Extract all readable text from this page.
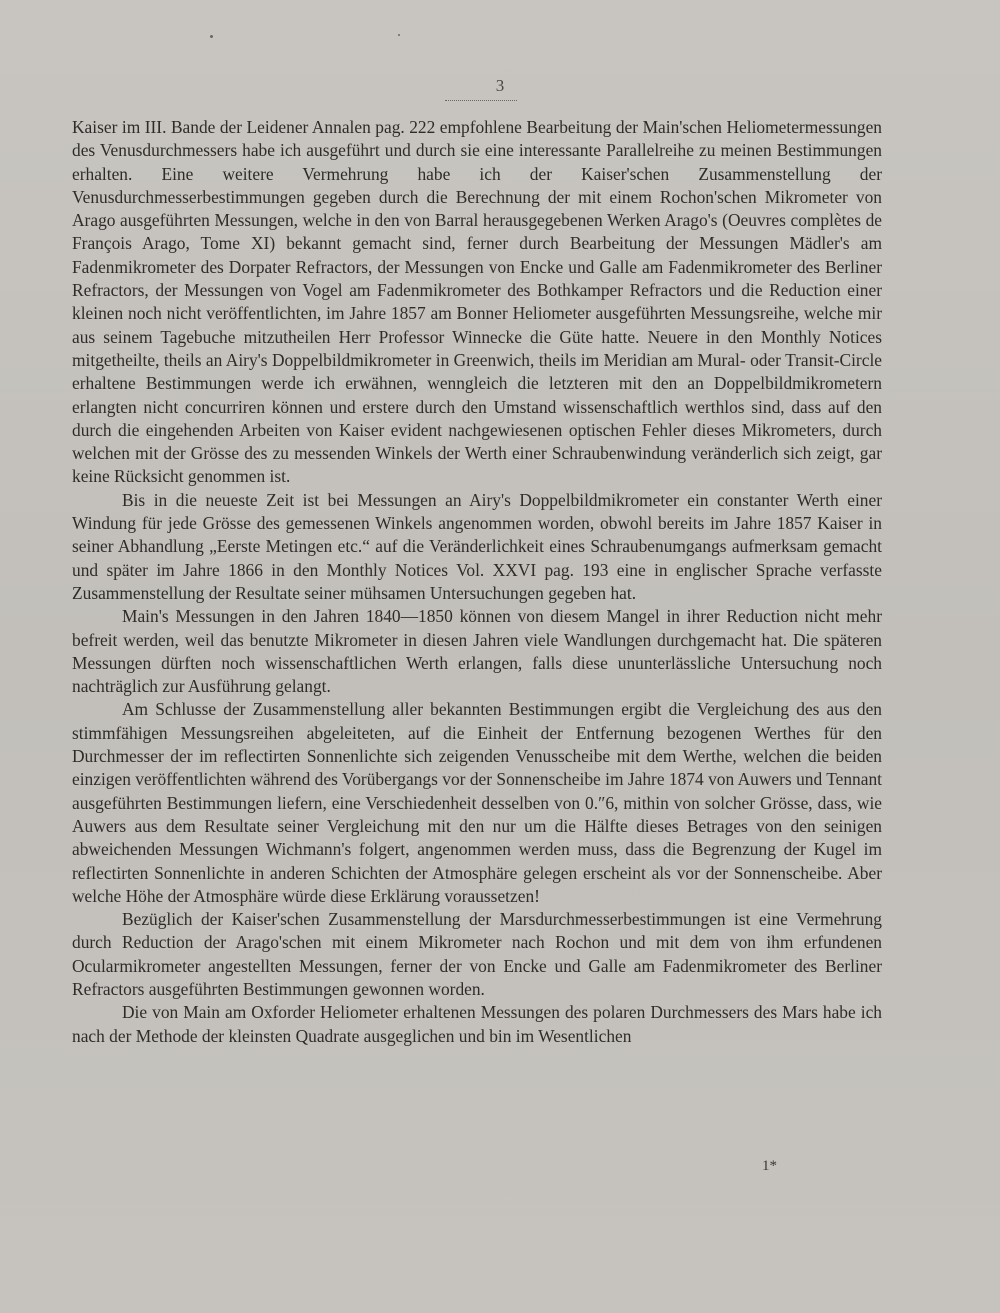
3

Kaiser im III. Bande der Leidener Annalen pag. 222 empfohlene Bearbeitung der Main'schen Heliometermessungen des Venusdurchmessers habe ich ausgeführt und durch sie eine interessante Parallelreihe zu meinen Bestimmungen erhalten. Eine weitere Vermehrung habe ich der Kaiser'schen Zusammenstellung der Venusdurchmesserbestimmungen gegeben durch die Berechnung der mit einem Rochon'schen Mikrometer von Arago ausgeführten Messungen, welche in den von Barral herausgegebenen Werken Arago's (Oeuvres complètes de François Arago, Tome XI) bekannt gemacht sind, ferner durch Bearbeitung der Messungen Mädler's am Fadenmikrometer des Dorpater Refractors, der Messungen von Encke und Galle am Fadenmikrometer des Berliner Refractors, der Messungen von Vogel am Fadenmikrometer des Bothkamper Refractors und die Reduction einer kleinen noch nicht veröffentlichten, im Jahre 1857 am Bonner Heliometer ausgeführten Messungsreihe, welche mir aus seinem Tagebuche mitzutheilen Herr Professor Winnecke die Güte hatte. Neuere in den Monthly Notices mitgetheilte, theils an Airy's Doppelbildmikrometer in Greenwich, theils im Meridian am Mural- oder Transit-Circle erhaltene Bestimmungen werde ich erwähnen, wenngleich die letzteren mit den an Doppelbildmikrometern erlangten nicht concurriren können und erstere durch den Umstand wissenschaftlich werthlos sind, dass auf den durch die eingehenden Arbeiten von Kaiser evident nachgewiesenen optischen Fehler dieses Mikrometers, durch welchen mit der Grösse des zu messenden Winkels der Werth einer Schraubenwindung veränderlich sich zeigt, gar keine Rücksicht genommen ist.

Bis in die neueste Zeit ist bei Messungen an Airy's Doppelbildmikrometer ein constanter Werth einer Windung für jede Grösse des gemessenen Winkels angenommen worden, obwohl bereits im Jahre 1857 Kaiser in seiner Abhandlung „Eerste Metingen etc.“ auf die Veränderlichkeit eines Schraubenumgangs aufmerksam gemacht und später im Jahre 1866 in den Monthly Notices Vol. XXVI pag. 193 eine in englischer Sprache verfasste Zusammenstellung der Resultate seiner mühsamen Untersuchungen gegeben hat.

Main's Messungen in den Jahren 1840—1850 können von diesem Mangel in ihrer Reduction nicht mehr befreit werden, weil das benutzte Mikrometer in diesen Jahren viele Wandlungen durchgemacht hat. Die späteren Messungen dürften noch wissenschaftlichen Werth erlangen, falls diese ununterlässliche Untersuchung noch nachträglich zur Ausführung gelangt.

Am Schlusse der Zusammenstellung aller bekannten Bestimmungen ergibt die Vergleichung des aus den stimmfähigen Messungsreihen abgeleiteten, auf die Einheit der Entfernung bezogenen Werthes für den Durchmesser der im reflectirten Sonnenlichte sich zeigenden Venusscheibe mit dem Werthe, welchen die beiden einzigen veröffentlichten während des Vorübergangs vor der Sonnenscheibe im Jahre 1874 von Auwers und Tennant ausgeführten Bestimmungen liefern, eine Verschiedenheit desselben von 0.″6, mithin von solcher Grösse, dass, wie Auwers aus dem Resultate seiner Vergleichung mit den nur um die Hälfte dieses Betrages von den seinigen abweichenden Messungen Wichmann's folgert, angenommen werden muss, dass die Begrenzung der Kugel im reflectirten Sonnenlichte in anderen Schichten der Atmosphäre gelegen erscheint als vor der Sonnenscheibe. Aber welche Höhe der Atmosphäre würde diese Erklärung voraussetzen!

Bezüglich der Kaiser'schen Zusammenstellung der Marsdurchmesserbestimmungen ist eine Vermehrung durch Reduction der Arago'schen mit einem Mikrometer nach Rochon und mit dem von ihm erfundenen Ocularmikrometer angestellten Messungen, ferner der von Encke und Galle am Fadenmikrometer des Berliner Refractors ausgeführten Bestimmungen gewonnen worden.

Die von Main am Oxforder Heliometer erhaltenen Messungen des polaren Durchmessers des Mars habe ich nach der Methode der kleinsten Quadrate ausgeglichen und bin im Wesentlichen

1*
